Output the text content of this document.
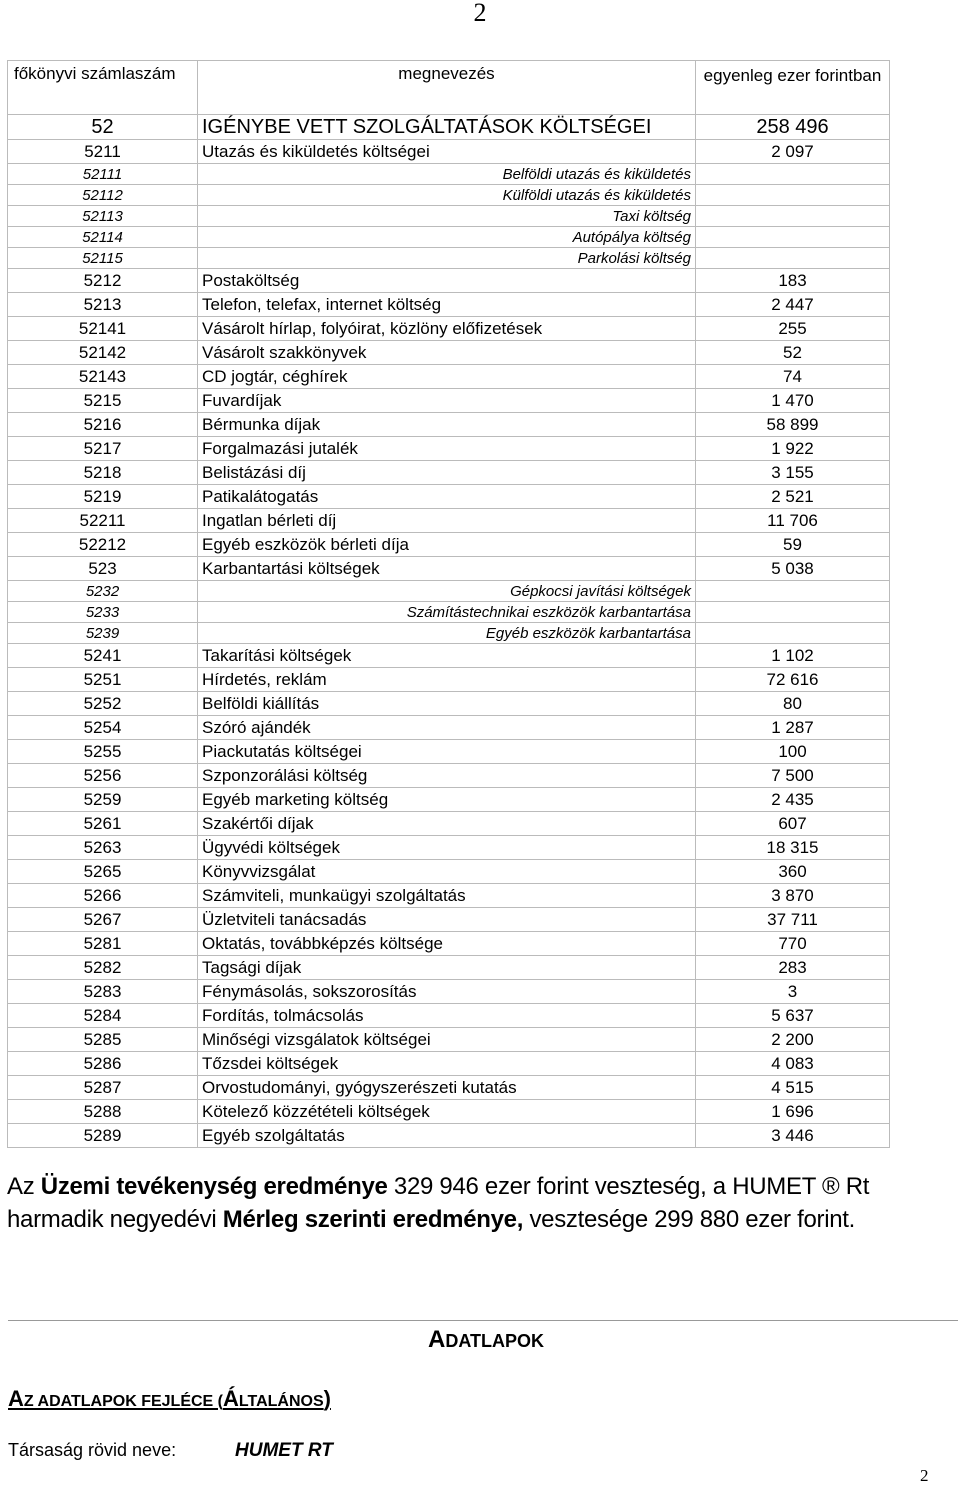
2
főkönyvi számlaszám	megnevezés	egyenleg ezer forintban
52	IGÉNYBE VETT SZOLGÁLTATÁSOK KÖLTSÉGEI	258 496
5211	Utazás és kiküldetés költségei	2 097
52111	Belföldi utazás és kiküldetés	
52112	Külföldi utazás és kiküldetés	
52113	Taxi költség	
52114	Autópálya költség	
52115	Parkolási költség	
5212	Postaköltség	183
5213	Telefon, telefax, internet költség	2 447
52141	Vásárolt hírlap, folyóirat, közlöny előfizetések	255
52142	Vásárolt szakkönyvek	52
52143	CD jogtár, céghírek	74
5215	Fuvardíjak	1 470
5216	Bérmunka díjak	58 899
5217	Forgalmazási jutalék	1 922
5218	Belistázási díj	3 155
5219	Patikalátogatás	2 521
52211	Ingatlan bérleti díj	11 706
52212	Egyéb eszközök bérleti díja	59
523	Karbantartási költségek	5 038
5232	Gépkocsi javítási költségek	
5233	Számítástechnikai eszközök karbantartása	
5239	Egyéb eszközök karbantartása	
5241	Takarítási költségek	1 102
5251	Hírdetés, reklám	72 616
5252	Belföldi kiállítás	80
5254	Szóró ajándék	1 287
5255	Piackutatás költségei	100
5256	Szponzorálási költség	7 500
5259	Egyéb marketing költség	2 435
5261	Szakértői díjak	607
5263	Ügyvédi költségek	18 315
5265	Könyvvizsgálat	360
5266	Számviteli, munkaügyi szolgáltatás	3 870
5267	Üzletviteli tanácsadás	37 711
5281	Oktatás, továbbképzés költsége	770
5282	Tagsági díjak	283
5283	Fénymásolás, sokszorosítás	3
5284	Fordítás, tolmácsolás	5 637
5285	Minőségi vizsgálatok költségei	2 200
5286	Tőzsdei költségek	4 083
5287	Orvostudományi, gyógyszerészeti kutatás	4 515
5288	Kötelező közzétételi költségek	1 696
5289	Egyéb szolgáltatás	3 446
Az Üzemi tevékenység eredménye 329 946 ezer forint veszteség, a HUMET ® Rt harmadik negyedévi Mérleg szerinti eredménye, vesztesége 299 880 ezer forint.
ADATLAPOK
AZ ADATLAPOK FEJLÉCE (ÁLTALÁNOS)
Társaság rövid neve:	HUMET RT
2
